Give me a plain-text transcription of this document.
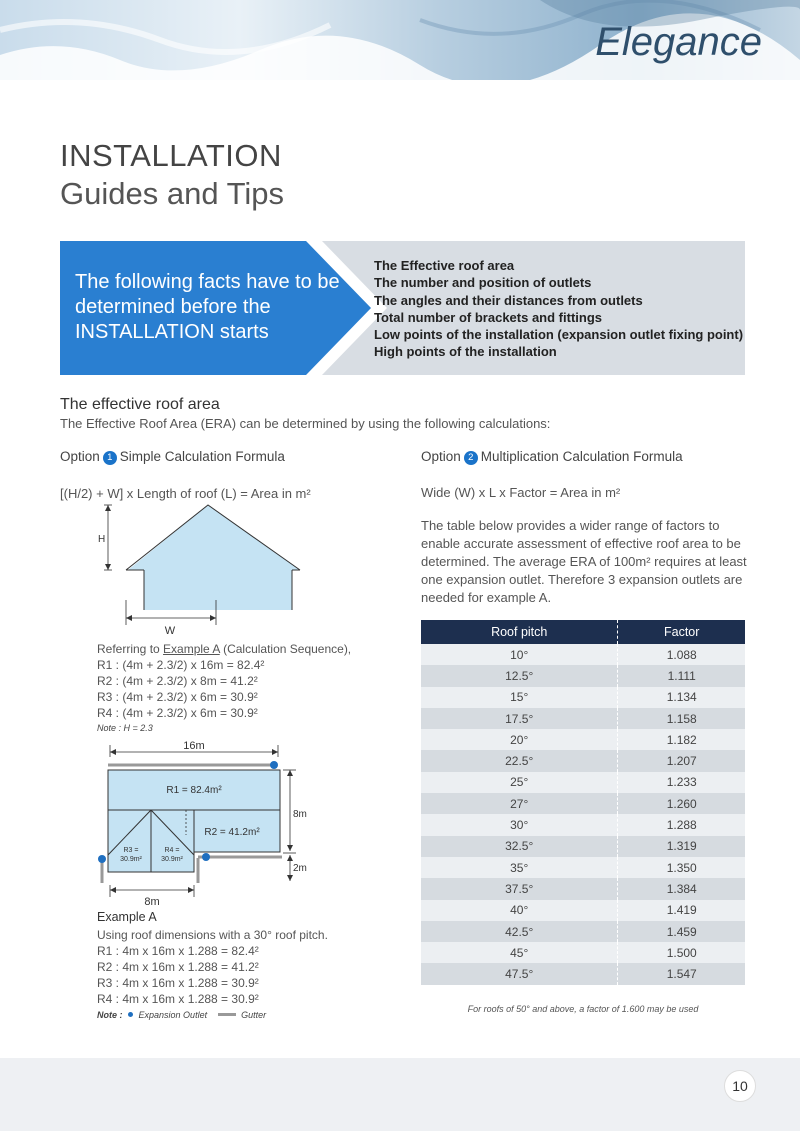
Elegance
INSTALLATION
Guides and Tips
The following facts have to be determined before the INSTALLATION starts
The Effective roof area
The number and position of outlets
The angles and their distances from outlets
Total number of brackets and fittings
Low points of the installation (expansion outlet fixing point)
High points of the installation
The effective roof area
The Effective Roof Area (ERA) can be determined by using the following calculations:
Option 1 Simple Calculation Formula
[(H/2) + W] x Length of roof (L) = Area in m²
H
W
Referring to Example A (Calculation Sequence),
R1 : (4m + 2.3/2) x 16m = 82.4²
R2 : (4m + 2.3/2) x 8m = 41.2²
R3 : (4m + 2.3/2) x 6m = 30.9²
R4 : (4m + 2.3/2) x 6m = 30.9²
Note : H = 2.3
16m
R1 = 82.4m²
R2 = 41.2m²
R3 =
30.9m²
R4 =
30.9m²
8m
2m
8m
Example A
Using roof dimensions with a 30° roof pitch.
R1 : 4m x 16m x 1.288 = 82.4²
R2 : 4m x 16m x 1.288 = 41.2²
R3 : 4m x 16m x 1.288 = 30.9²
R4 : 4m x 16m x 1.288 = 30.9²
Note : Expansion Outlet	Gutter
Option 2 Multiplication Calculation Formula
Wide (W) x L x Factor = Area in m²
The table below provides a wider range of factors to enable accurate assessment of effective roof area to be determined. The average ERA of 100m² requires at least one expansion outlet. Therefore 3 expansion outlets are needed for example A.
Roof pitch	Factor
10°	1.088
12.5°	1.111
15°	1.134
17.5°	1.158
20°	1.182
22.5°	1.207
25°	1.233
27°	1.260
30°	1.288
32.5°	1.319
35°	1.350
37.5°	1.384
40°	1.419
42.5°	1.459
45°	1.500
47.5°	1.547
For roofs of 50° and above, a factor of 1.600 may be used
10
